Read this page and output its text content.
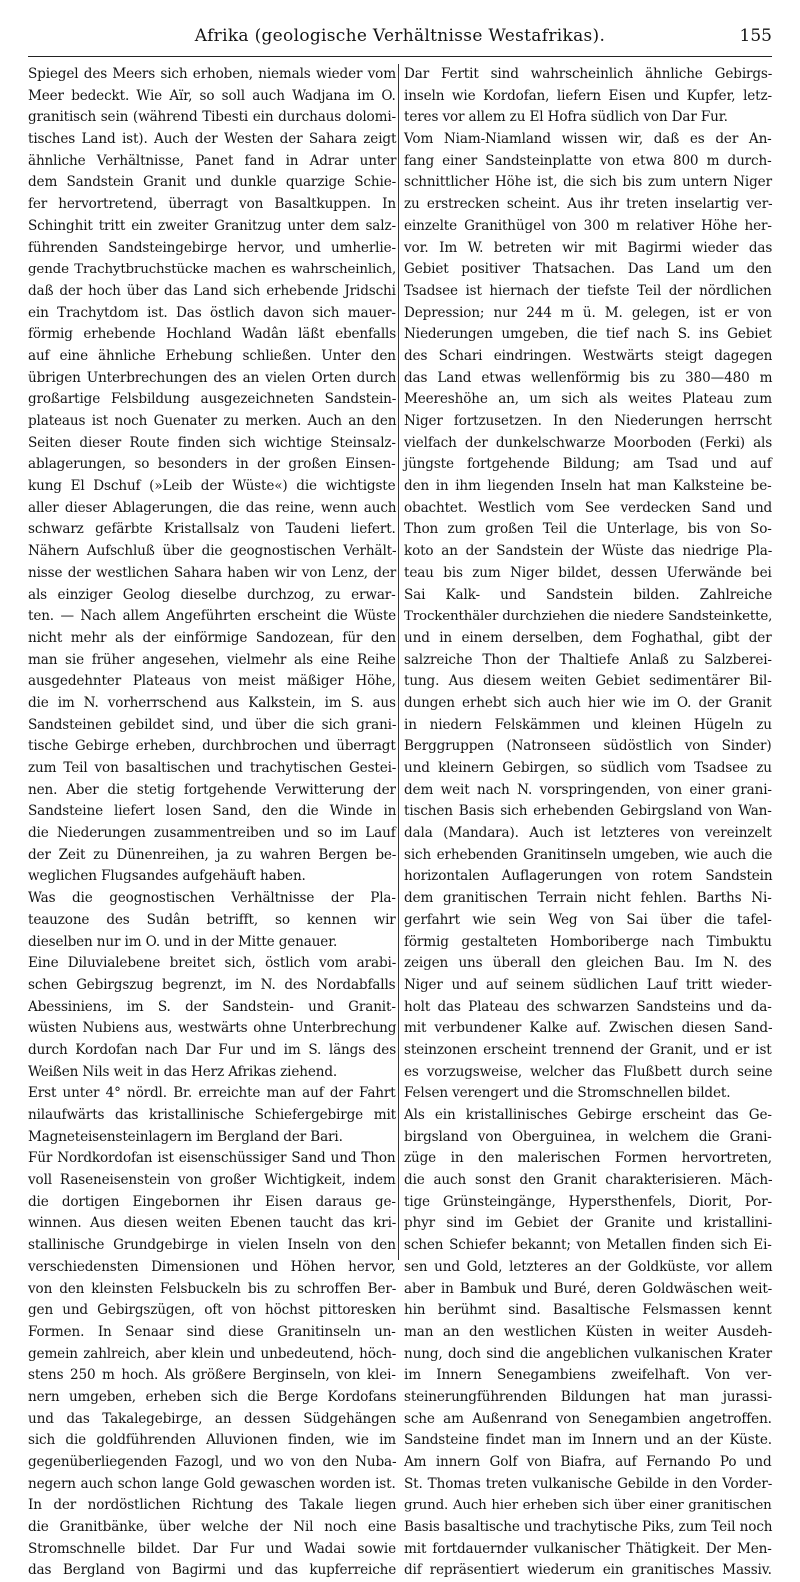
Afrika (geologische Verhältnisse Westafrikas).	155
Spiegel des Meers sich erhoben, niemals wieder vom
Meer bedeckt. Wie Aïr, so soll auch Wadjana im O.
granitisch sein (während Tibesti ein durchaus dolomi-
tisches Land ist). Auch der Westen der Sahara zeigt
ähnliche Verhältnisse, Panet fand in Adrar unter
dem Sandstein Granit und dunkle quarzige Schie-
fer hervortretend, überragt von Basaltkuppen. In
Schinghit tritt ein zweiter Granitzug unter dem salz-
führenden Sandsteingebirge hervor, und umherlie-
gende Trachytbruchstücke machen es wahrscheinlich,
daß der hoch über das Land sich erhebende Jridschi
ein Trachytdom ist. Das östlich davon sich mauer-
förmig erhebende Hochland Wadân läßt ebenfalls
auf eine ähnliche Erhebung schließen. Unter den
übrigen Unterbrechungen des an vielen Orten durch
großartige Felsbildung ausgezeichneten Sandstein-
plateaus ist noch Guenater zu merken. Auch an den
Seiten dieser Route finden sich wichtige Steinsalz-
ablagerungen, so besonders in der großen Einsen-
kung El Dschuf (»Leib der Wüste«) die wichtigste
aller dieser Ablagerungen, die das reine, wenn auch
schwarz gefärbte Kristallsalz von Taudeni liefert.
Nähern Aufschluß über die geognostischen Verhält-
nisse der westlichen Sahara haben wir von Lenz, der
als einziger Geolog dieselbe durchzog, zu erwar-
ten. — Nach allem Angeführten erscheint die Wüste
nicht mehr als der einförmige Sandozean, für den
man sie früher angesehen, vielmehr als eine Reihe
ausgedehnter Plateaus von meist mäßiger Höhe,
die im N. vorherrschend aus Kalkstein, im S. aus
Sandsteinen gebildet sind, und über die sich grani-
tische Gebirge erheben, durchbrochen und überragt
zum Teil von basaltischen und trachytischen Gestei-
nen. Aber die stetig fortgehende Verwitterung der
Sandsteine liefert losen Sand, den die Winde in
die Niederungen zusammentreiben und so im Lauf
der Zeit zu Dünenreihen, ja zu wahren Bergen be-
weglichen Flugsandes aufgehäuft haben.
Was die geognostischen Verhältnisse der Pla-
teauzone des Sudân betrifft, so kennen wir
dieselben nur im O. und in der Mitte genauer.
Eine Diluvialebene breitet sich, östlich vom arabi-
schen Gebirgszug begrenzt, im N. des Nordabfalls
Abessiniens, im S. der Sandstein- und Granit-
wüsten Nubiens aus, westwärts ohne Unterbrechung
durch Kordofan nach Dar Fur und im S. längs des
Weißen Nils weit in das Herz Afrikas ziehend.
Erst unter 4° nördl. Br. erreichte man auf der Fahrt
nilaufwärts das kristallinische Schiefergebirge mit
Magneteisensteinlagern im Bergland der Bari.
Für Nordkordofan ist eisenschüssiger Sand und Thon
voll Raseneisenstein von großer Wichtigkeit, indem
die dortigen Eingebornen ihr Eisen daraus ge-
winnen. Aus diesen weiten Ebenen taucht das kri-
stallinische Grundgebirge in vielen Inseln von den
verschiedensten Dimensionen und Höhen hervor,
von den kleinsten Felsbuckeln bis zu schroffen Ber-
gen und Gebirgszügen, oft von höchst pittoresken
Formen. In Senaar sind diese Granitinseln un-
gemein zahlreich, aber klein und unbedeutend, höch-
stens 250 m hoch. Als größere Berginseln, von klei-
nern umgeben, erheben sich die Berge Kordofans
und das Takalegebirge, an dessen Südgehängen
sich die goldführenden Alluvionen finden, wie im
gegenüberliegenden Fazogl, und wo von den Nuba-
negern auch schon lange Gold gewaschen worden ist.
In der nordöstlichen Richtung des Takale liegen
die Granitbänke, über welche der Nil noch eine
Stromschnelle bildet. Dar Fur und Wadai sowie
das Bergland von Bagirmi und das kupferreiche
Dar Fertit sind wahrscheinlich ähnliche Gebirgs-
inseln wie Kordofan, liefern Eisen und Kupfer, letz-
teres vor allem zu El Hofra südlich von Dar Fur.
Vom Niam-Niamland wissen wir, daß es der An-
fang einer Sandsteinplatte von etwa 800 m durch-
schnittlicher Höhe ist, die sich bis zum untern Niger
zu erstrecken scheint. Aus ihr treten inselartig ver-
einzelte Granithügel von 300 m relativer Höhe her-
vor. Im W. betreten wir mit Bagirmi wieder das
Gebiet positiver Thatsachen. Das Land um den
Tsadsee ist hiernach der tiefste Teil der nördlichen
Depression; nur 244 m ü. M. gelegen, ist er von
Niederungen umgeben, die tief nach S. ins Gebiet
des Schari eindringen. Westwärts steigt dagegen
das Land etwas wellenförmig bis zu 380—480 m
Meereshöhe an, um sich als weites Plateau zum
Niger fortzusetzen. In den Niederungen herrscht
vielfach der dunkelschwarze Moorboden (Ferki) als
jüngste fortgehende Bildung; am Tsad und auf
den in ihm liegenden Inseln hat man Kalksteine be-
obachtet. Westlich vom See verdecken Sand und
Thon zum großen Teil die Unterlage, bis von So-
koto an der Sandstein der Wüste das niedrige Pla-
teau bis zum Niger bildet, dessen Uferwände bei
Sai Kalk- und Sandstein bilden. Zahlreiche
Trockenthäler durchziehen die niedere Sandsteinkette,
und in einem derselben, dem Foghathal, gibt der
salzreiche Thon der Thaltiefe Anlaß zu Salzberei-
tung. Aus diesem weiten Gebiet sedimentärer Bil-
dungen erhebt sich auch hier wie im O. der Granit
in niedern Felskämmen und kleinen Hügeln zu
Berggruppen (Natronseen südöstlich von Sinder)
und kleinern Gebirgen, so südlich vom Tsadsee zu
dem weit nach N. vorspringenden, von einer grani-
tischen Basis sich erhebenden Gebirgsland von Wan-
dala (Mandara). Auch ist letzteres von vereinzelt
sich erhebenden Granitinseln umgeben, wie auch die
horizontalen Auflagerungen von rotem Sandstein
dem granitischen Terrain nicht fehlen. Barths Ni-
gerfahrt wie sein Weg von Sai über die tafel-
förmig gestalteten Homboriberge nach Timbuktu
zeigen uns überall den gleichen Bau. Im N. des
Niger und auf seinem südlichen Lauf tritt wieder-
holt das Plateau des schwarzen Sandsteins und da-
mit verbundener Kalke auf. Zwischen diesen Sand-
steinzonen erscheint trennend der Granit, und er ist
es vorzugsweise, welcher das Flußbett durch seine
Felsen verengert und die Stromschnellen bildet.
Als ein kristallinisches Gebirge erscheint das Ge-
birgsland von Oberguinea, in welchem die Grani-
züge in den malerischen Formen hervortreten,
die auch sonst den Granit charakterisieren. Mäch-
tige Grünsteingänge, Hypersthenfels, Diorit, Por-
phyr sind im Gebiet der Granite und kristallini-
schen Schiefer bekannt; von Metallen finden sich Ei-
sen und Gold, letzteres an der Goldküste, vor allem
aber in Bambuk und Buré, deren Goldwäschen weit-
hin berühmt sind. Basaltische Felsmassen kennt
man an den westlichen Küsten in weiter Ausdeh-
nung, doch sind die angeblichen vulkanischen Krater
im Innern Senegambiens zweifelhaft. Von ver-
steinerungführenden Bildungen hat man jurassi-
sche am Außenrand von Senegambien angetroffen.
Sandsteine findet man im Innern und an der Küste.
Am innern Golf von Biafra, auf Fernando Po und
St. Thomas treten vulkanische Gebilde in den Vorder-
grund. Auch hier erheben sich über einer granitischen
Basis basaltische und trachytische Piks, zum Teil noch
mit fortdauernder vulkanischer Thätigkeit. Der Men-
dif repräsentiert wiederum ein granitisches Massiv.
